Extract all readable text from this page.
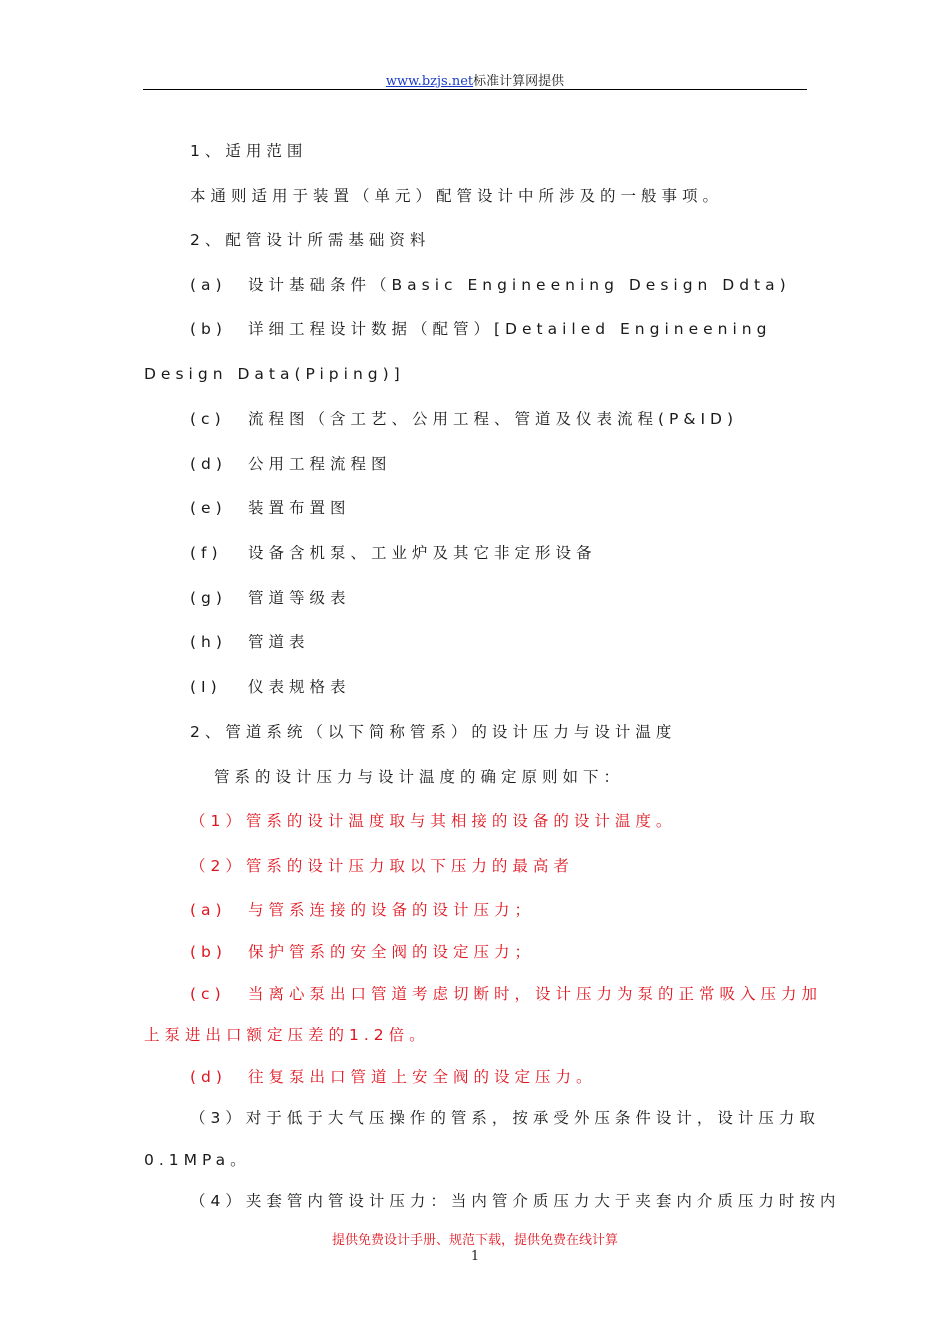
www.bzjs.net标准计算网提供
1、适用范围
本通则适用于装置（单元）配管设计中所涉及的一般事项。
2、配管设计所需基础资料
(a) 设计基础条件（Basic Engineening Design Ddta)
(b) 详细工程设计数据（配管）[Detailed Engineening
Design Data(Piping)]
(c) 流程图（含工艺、公用工程、管道及仪表流程(P&ID)
(d) 公用工程流程图
(e) 装置布置图
(f) 设备含机泵、工业炉及其它非定形设备
(g) 管道等级表
(h) 管道表
(I) 仪表规格表
2、管道系统（以下简称管系）的设计压力与设计温度
管系的设计压力与设计温度的确定原则如下：
（1）管系的设计温度取与其相接的设备的设计温度。
（2）管系的设计压力取以下压力的最高者
(a) 与管系连接的设备的设计压力；
(b) 保护管系的安全阀的设定压力；
(c) 当离心泵出口管道考虑切断时，设计压力为泵的正常吸入压力加
上泵进出口额定压差的1.2倍。
(d) 往复泵出口管道上安全阀的设定压力。
（3）对于低于大气压操作的管系，按承受外压条件设计，设计压力取
0.1MPa。
（4）夹套管内管设计压力：当内管介质压力大于夹套内介质压力时按内
提供免费设计手册、规范下载，提供免费在线计算
1
